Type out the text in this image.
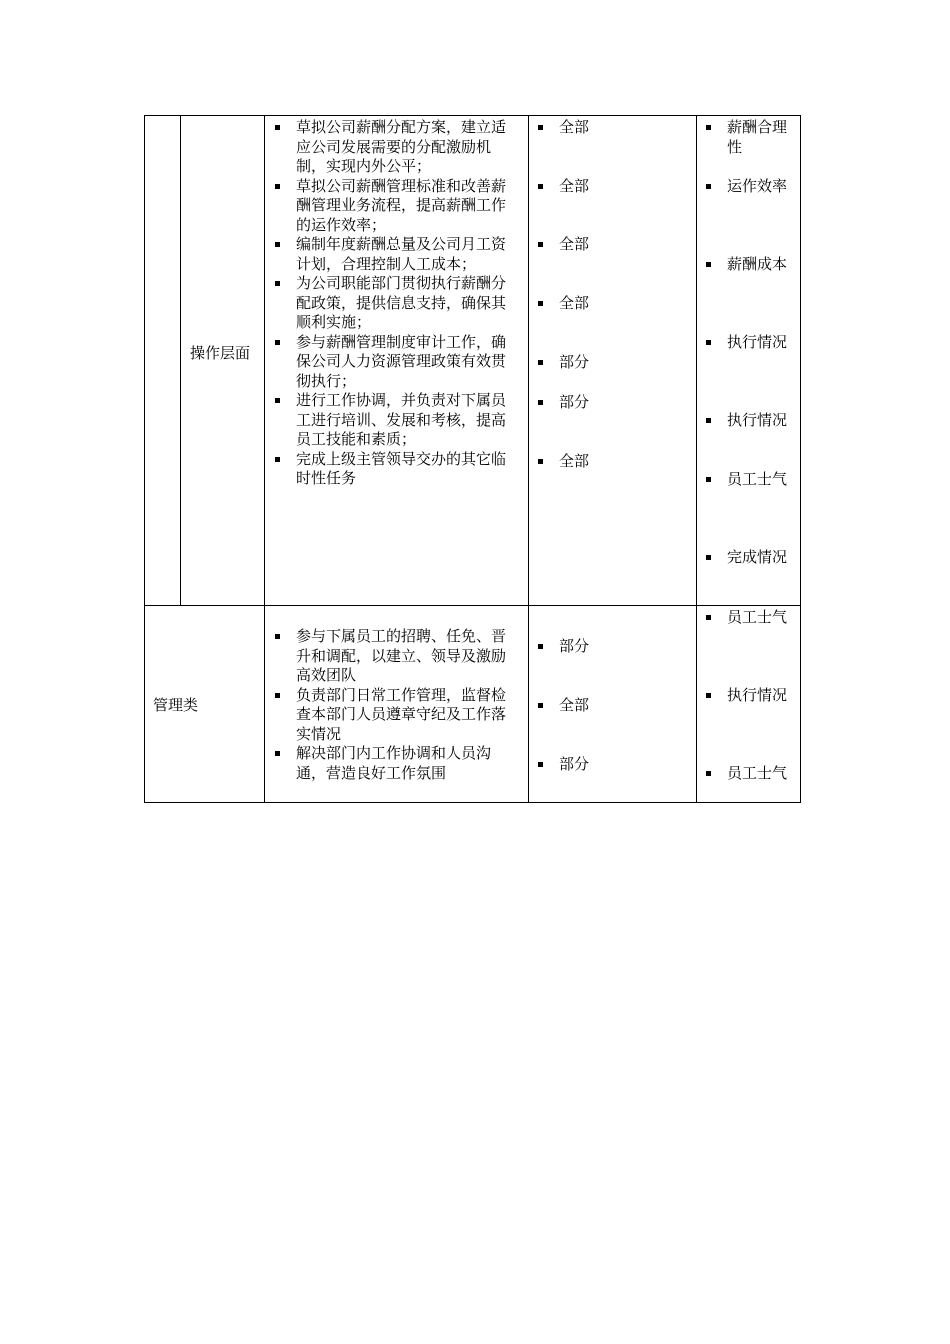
操作层面
草拟公司薪酬分配方案，建立适应公司发展需要的分配激励机制，实现内外公平；
草拟公司薪酬管理标准和改善薪酬管理业务流程，提高薪酬工作的运作效率；
编制年度薪酬总量及公司月工资计划，合理控制人工成本；
为公司职能部门贯彻执行薪酬分配政策，提供信息支持，确保其顺利实施；
参与薪酬管理制度审计工作，确保公司人力资源管理政策有效贯彻执行；
进行工作协调，并负责对下属员工进行培训、发展和考核，提高员工技能和素质；
完成上级主管领导交办的其它临时性任务
全部
全部
全部
全部
部分
部分
全部
薪酬合理性
运作效率
薪酬成本
执行情况
执行情况
员工士气
完成情况
管理类
参与下属员工的招聘、任免、晋升和调配，以建立、领导及激励高效团队
负责部门日常工作管理，监督检查本部门人员遵章守纪及工作落实情况
解决部门内工作协调和人员沟通，营造良好工作氛围
部分
全部
部分
员工士气
执行情况
员工士气
